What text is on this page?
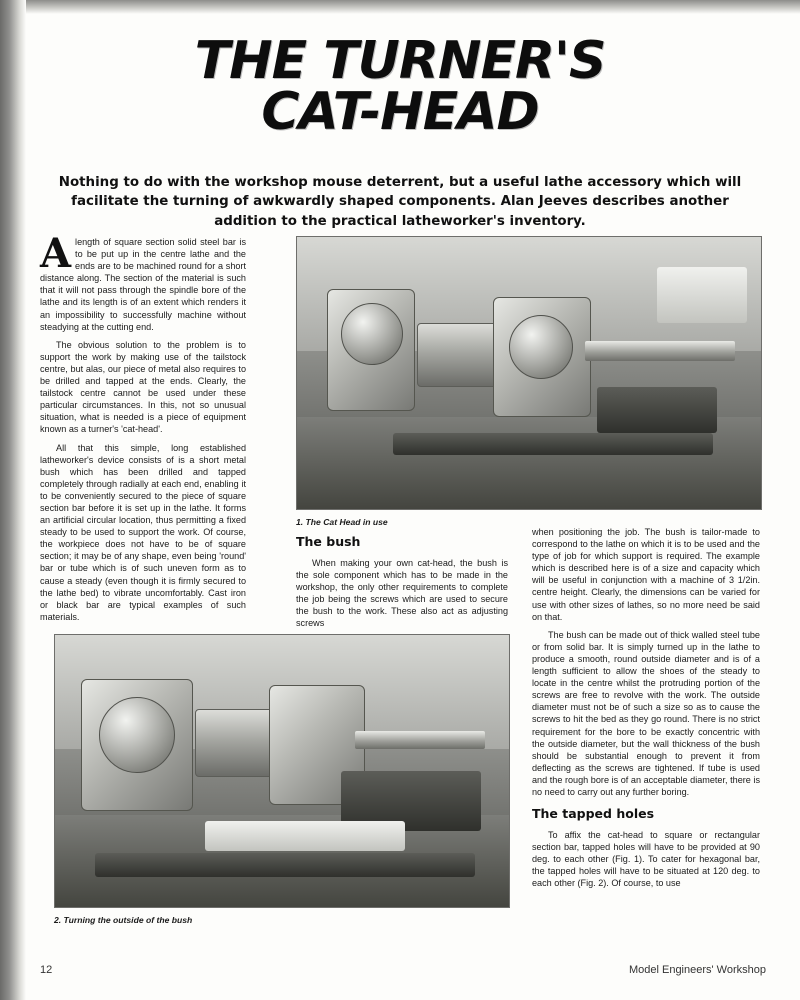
THE TURNER'S
CAT-HEAD
Nothing to do with the workshop mouse deterrent, but a useful lathe accessory which will facilitate the turning of awkwardly shaped components. Alan Jeeves describes another addition to the practical latheworker's inventory.
1. The Cat Head in use
2. Turning the outside of the bush
A length of square section solid steel bar is to be put up in the centre lathe and the ends are to be machined round for a short distance along. The section of the material is such that it will not pass through the spindle bore of the lathe and its length is of an extent which renders it an impossibility to successfully machine without steadying at the cutting end.

The obvious solution to the problem is to support the work by making use of the tailstock centre, but alas, our piece of metal also requires to be drilled and tapped at the ends. Clearly, the tailstock centre cannot be used under these particular circumstances. In this, not so unusual situation, what is needed is a piece of equipment known as a turner's 'cat-head'.

All that this simple, long established latheworker's device consists of is a short metal bush which has been drilled and tapped completely through radially at each end, enabling it to be conveniently secured to the piece of square section bar before it is set up in the lathe. It forms an artificial circular location, thus permitting a fixed steady to be used to support the work. Of course, the workpiece does not have to be of square section; it may be of any shape, even being 'round' bar or tube which is of such uneven form as to cause a steady (even though it is firmly secured to the lathe bed) to vibrate uncomfortably. Cast iron or black bar are typical examples of such materials.

The bush

When making your own cat-head, the bush is the sole component which has to be made in the workshop, the only other requirements to complete the job being the screws which are used to secure the bush to the work. These also act as adjusting screws

when positioning the job. The bush is tailor-made to correspond to the lathe on which it is to be used and the type of job for which support is required. The example which is described here is of a size and capacity which will be useful in conjunction with a machine of 3 1/2in. centre height. Clearly, the dimensions can be varied for use with other sizes of lathes, so no more need be said on that.

The bush can be made out of thick walled steel tube or from solid bar. It is simply turned up in the lathe to produce a smooth, round outside diameter and is of a length sufficient to allow the shoes of the steady to locate in the centre whilst the protruding portion of the screws are free to revolve with the work. The outside diameter must not be of such a size so as to cause the screws to hit the bed as they go round. There is no strict requirement for the bore to be exactly concentric with the outside diameter, but the wall thickness of the bush should be substantial enough to prevent it from deflecting as the screws are tightened. If tube is used and the rough bore is of an acceptable diameter, there is no need to carry out any further boring.

The tapped holes

To affix the cat-head to square or rectangular section bar, tapped holes will have to be provided at 90 deg. to each other (Fig. 1). To cater for hexagonal bar, the tapped holes will have to be situated at 120 deg. to each other (Fig. 2). Of course, to use

12	Model Engineers' Workshop
